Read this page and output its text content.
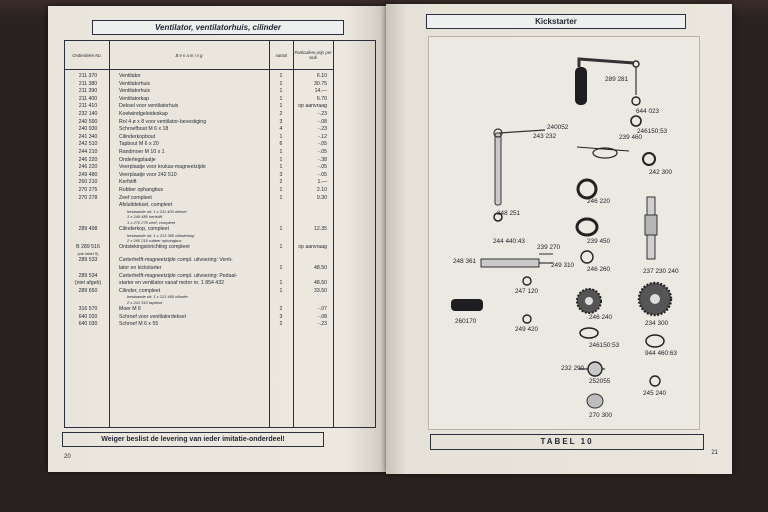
Ventilator, ventilatorhuis, cilinder
Onderdelen No.	B e n a m i n g	Aantal	Particuliere prijs per stuk
211 370	Ventilator	1	6.10
211 380	Ventilatorhuis	1	30.75
211 390	Ventilatorhuis	1	14.—
211 400	Ventilatorkap	1	6.70
211 410	Deksel voor ventilatorhuis	1	op aanvraag
232 140	Koelwindgeleideskap	2	-.23
240 590	Rol 4 ø x 8 voor ventilator-bevestiging	3	-.08
240 930	Schroefbout M 6 x 18	4	-.23
241 340	Cilinderkopbout	1	-.12
242 510	Tapbout M 6 x 20	6	-.05
244 210	Randmoer M 10 x 1	1	-.05
246 220	Onderlegplaatje	1	-.38
246 220	Veerplaatje voor krukas-magneetzijde	1	-.05
249 480	Veerplaatje voor 242 510	3	-.05
260 210	Kerfstift	2	1.—
270 275	Rubber ophangbus	1	2.10
270 278	Zeef compleet	1	9.30
Afsluitdeksel, compleet
bestaande uit: 1 x 211 400 deksel
3 x 249 480 kerfstift
1 x 270 275 zeef, compleet
289 498	Cilinderkop, compleet	1	12.35
bestaande uit: 1 x 213 380 cilinderkop
2 x 260 210 rubber ophangbus
B 289 516	Ontstekingsinrichting compleet	1	op aanvraag
(zie tabel 9)
289 533	Carterhelft-magneetzijde compl. uitvoering: Venti-
lator en kickstarter	1	48.50
289 534	Carterhelft-magneetzijde compl. uitvoering: Pedaal-
(niet afgeb)	starter en ventilator vanaf motor nr. 1 854 432	1	48.50
289 650	Cilinder, compleet	1	33.50
bestaande uit: 1 x 213 400 cilinder
2 x 241 510 tapbout
316 570	Moer M 6	2	-.07
640 020	Schroef voor ventilatordeksel	3	-.08
640 030	Schroef M 6 x 55	2	-.23
Weiger beslist de levering van ieder imitatie-onderdeel!
20
Kickstarter
289 281
644 023
240052
243 232	239 460
246150:53
242 300
246 220
248 251
239 450
244 440:43
239 270
248 361
249 310
246 260	237 230 240
247 120
260170
249 420
246 240
234 300
246150:53
944 460:63
232 290
252055
245 240
270 300
TABEL 10
21
